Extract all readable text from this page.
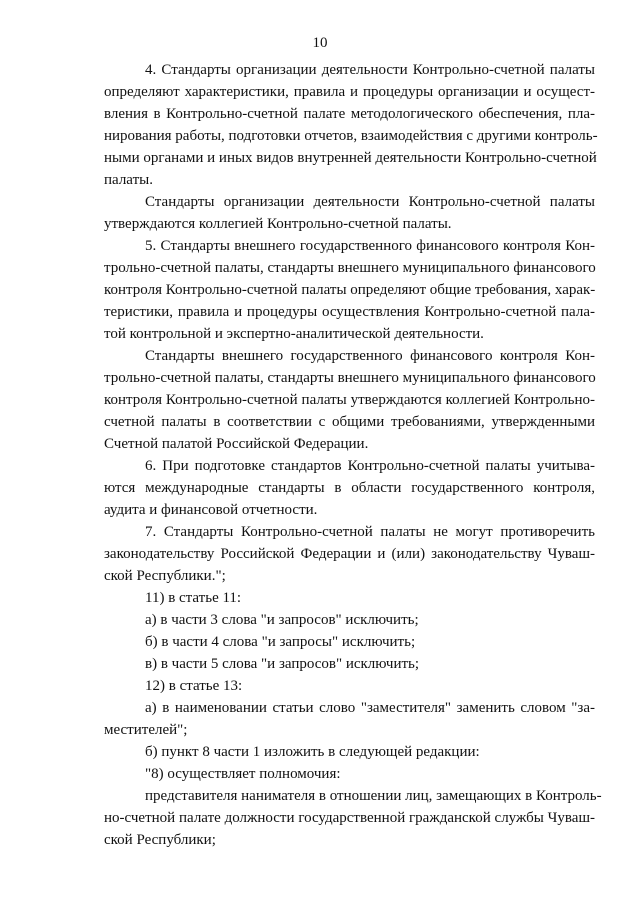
10
4. Стандарты организации деятельности Контрольно-счетной палаты
определяют характеристики, правила и процедуры организации и осущест-
вления в Контрольно-счетной палате методологического обеспечения, пла-
нирования работы, подготовки отчетов, взаимодействия с другими контроль-
ными органами и иных видов внутренней деятельности Контрольно-счетной
палаты.
Стандарты организации деятельности Контрольно-счетной палаты
утверждаются коллегией Контрольно-счетной палаты.
5. Стандарты внешнего государственного финансового контроля Кон-
трольно-счетной палаты, стандарты внешнего муниципального финансового
контроля Контрольно-счетной палаты определяют общие требования, харак-
теристики, правила и процедуры осуществления Контрольно-счетной пала-
той контрольной и экспертно-аналитической деятельности.
Стандарты внешнего государственного финансового контроля Кон-
трольно-счетной палаты, стандарты внешнего муниципального финансового
контроля Контрольно-счетной палаты утверждаются коллегией Контрольно-
счетной палаты в соответствии с общими требованиями, утвержденными
Счетной палатой Российской Федерации.
6. При подготовке стандартов Контрольно-счетной палаты учитыва-
ются международные стандарты в области государственного контроля,
аудита и финансовой отчетности.
7. Стандарты Контрольно-счетной палаты не могут противоречить
законодательству Российской Федерации и (или) законодательству Чуваш-
ской Республики.";
11) в статье 11:
а) в части 3 слова "и запросов" исключить;
б) в части 4 слова "и запросы" исключить;
в) в части 5 слова "и запросов" исключить;
12) в статье 13:
а) в наименовании статьи слово "заместителя" заменить словом "за-
местителей";
б) пункт 8 части 1 изложить в следующей редакции:
"8) осуществляет полномочия:
представителя нанимателя в отношении лиц, замещающих в Контроль-
но-счетной палате должности государственной гражданской службы Чуваш-
ской Республики;
